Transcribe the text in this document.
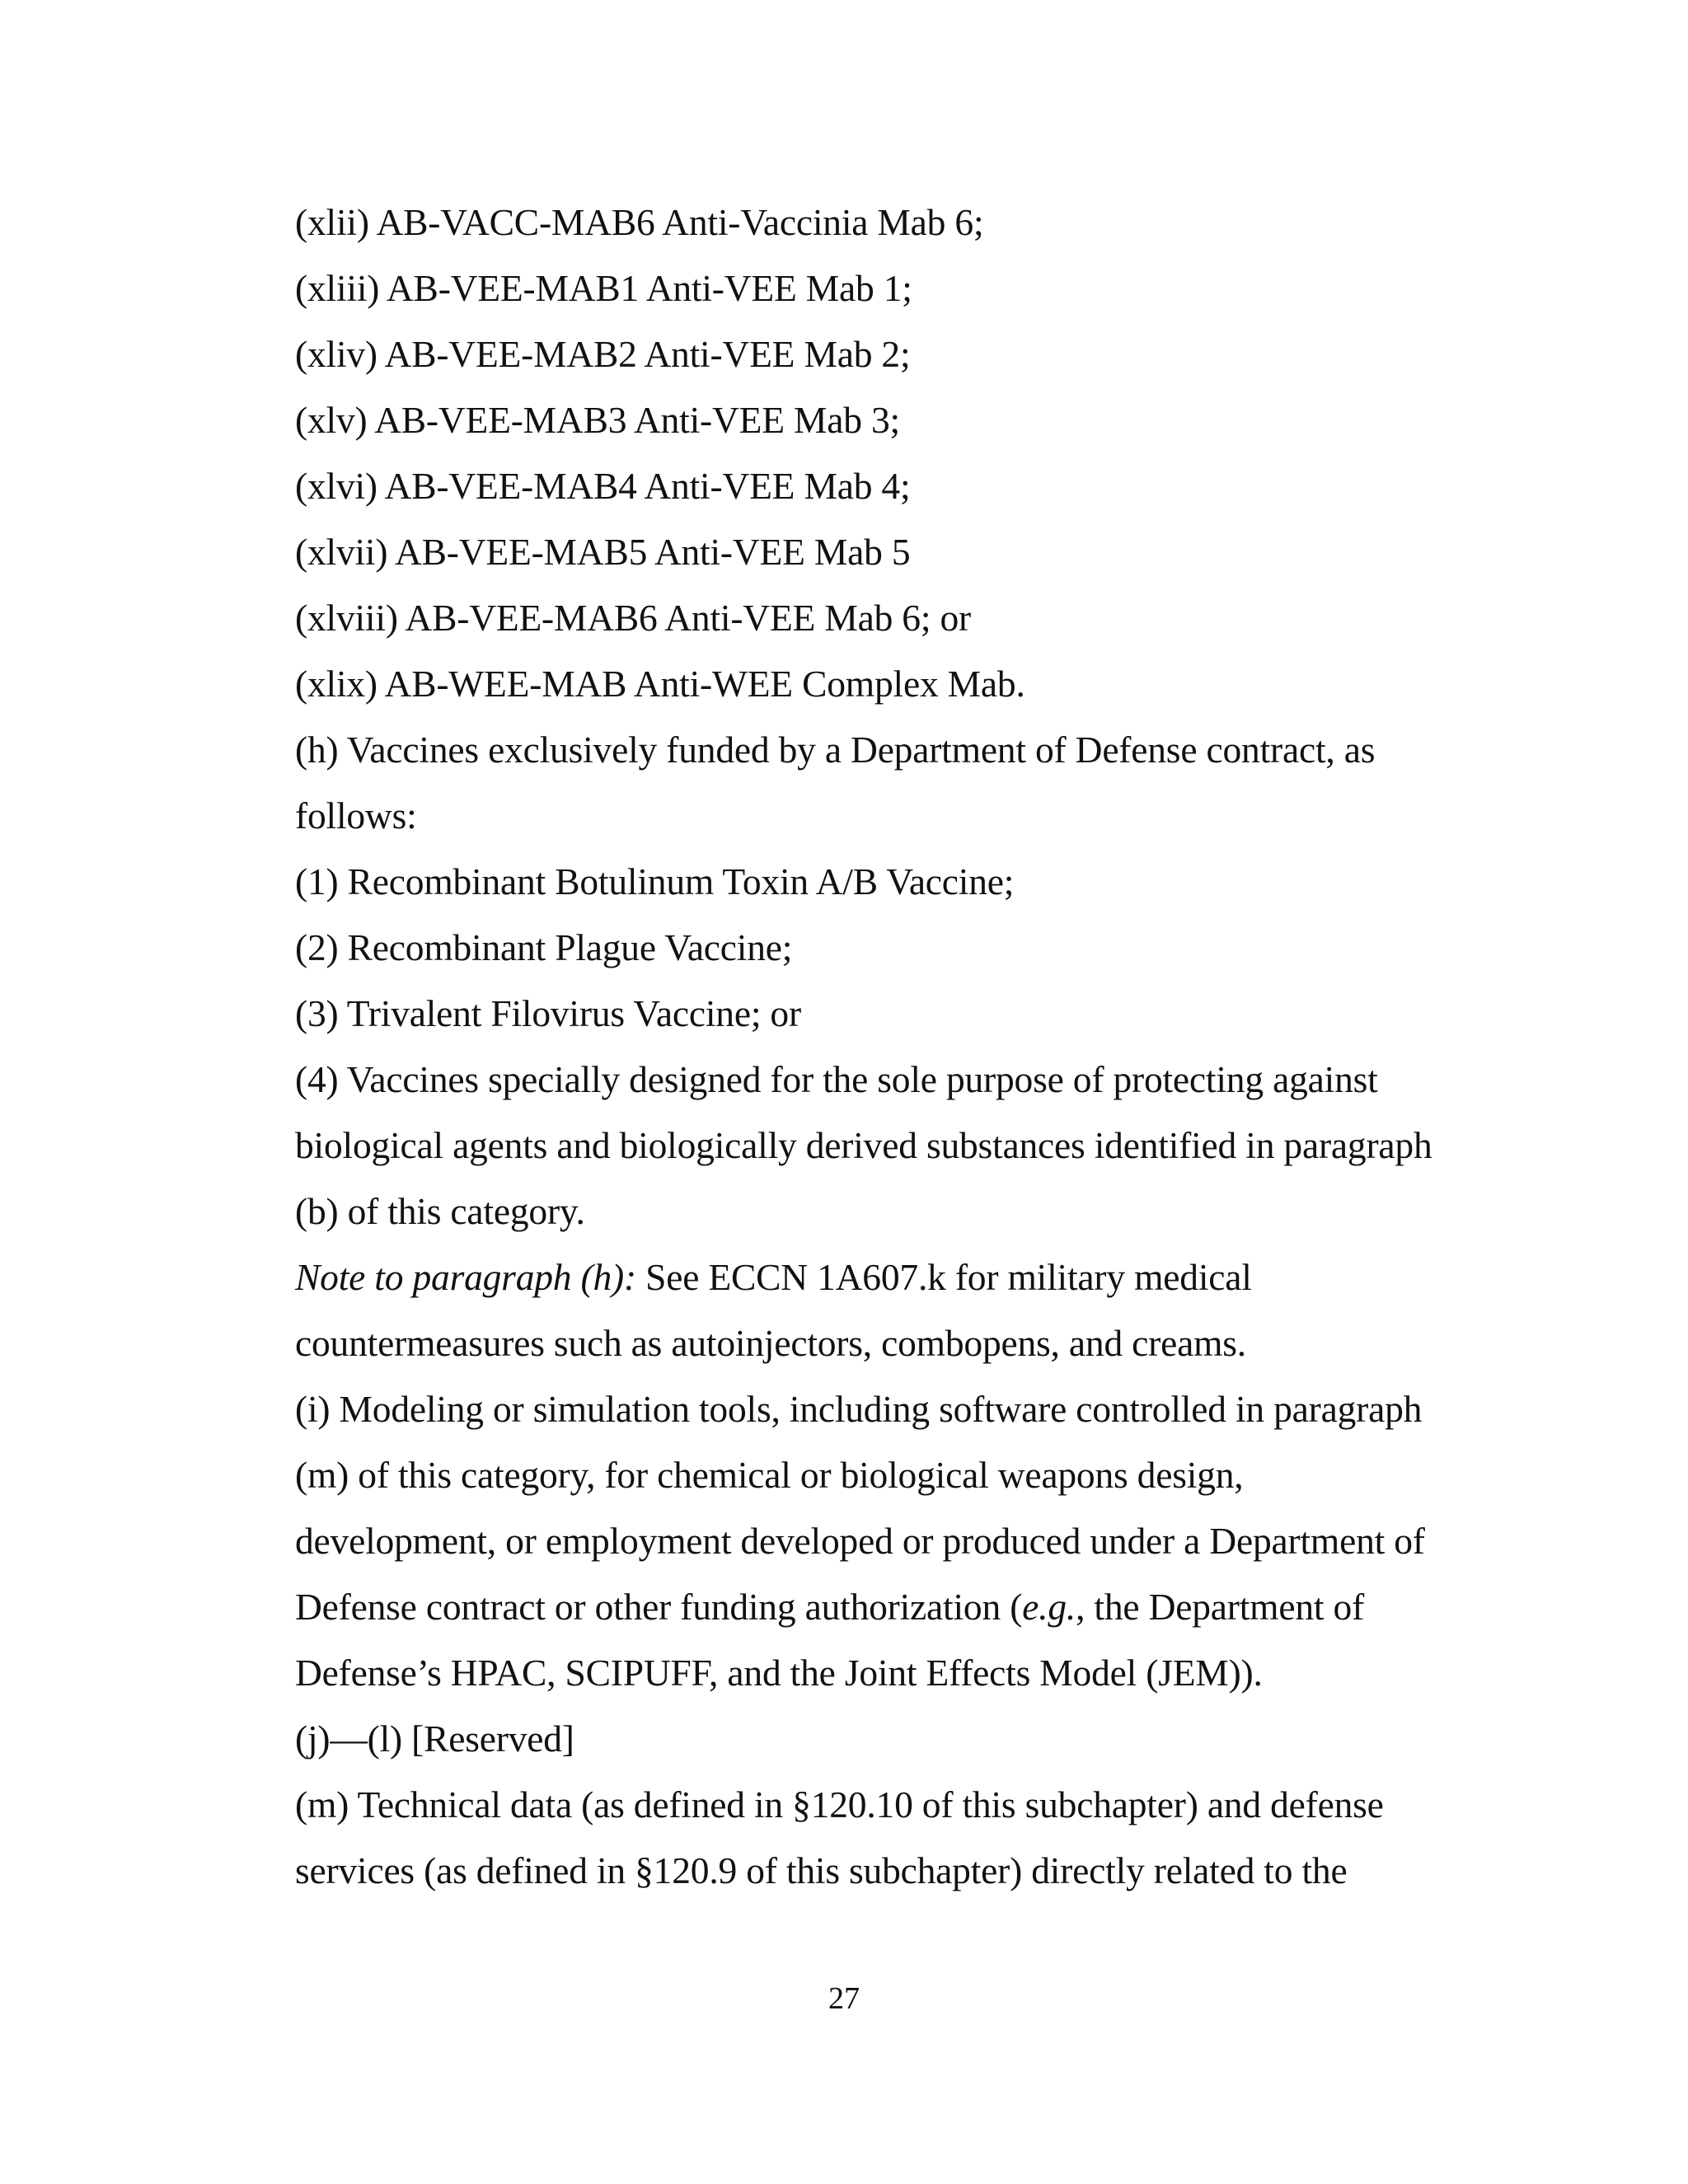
(xlii) AB-VACC-MAB6 Anti-Vaccinia Mab 6;
(xliii) AB-VEE-MAB1 Anti-VEE Mab 1;
(xliv) AB-VEE-MAB2 Anti-VEE Mab 2;
(xlv) AB-VEE-MAB3 Anti-VEE Mab 3;
(xlvi) AB-VEE-MAB4 Anti-VEE Mab 4;
(xlvii) AB-VEE-MAB5 Anti-VEE Mab 5
(xlviii) AB-VEE-MAB6 Anti-VEE Mab 6; or
(xlix) AB-WEE-MAB Anti-WEE Complex Mab.
(h) Vaccines exclusively funded by a Department of Defense contract, as
follows:
(1) Recombinant Botulinum Toxin A/B Vaccine;
(2) Recombinant Plague Vaccine;
(3) Trivalent Filovirus Vaccine; or
(4) Vaccines specially designed for the sole purpose of protecting against
biological agents and biologically derived substances identified in paragraph
(b) of this category.
Note to paragraph (h): See ECCN 1A607.k for military medical
countermeasures such as autoinjectors, combopens, and creams.
(i) Modeling or simulation tools, including software controlled in paragraph
(m) of this category, for chemical or biological weapons design,
development, or employment developed or produced under a Department of
Defense contract or other funding authorization (e.g., the Department of
Defense’s HPAC, SCIPUFF, and the Joint Effects Model (JEM)).
(j)—(l) [Reserved]
(m) Technical data (as defined in §120.10 of this subchapter) and defense
services (as defined in §120.9 of this subchapter) directly related to the
27
